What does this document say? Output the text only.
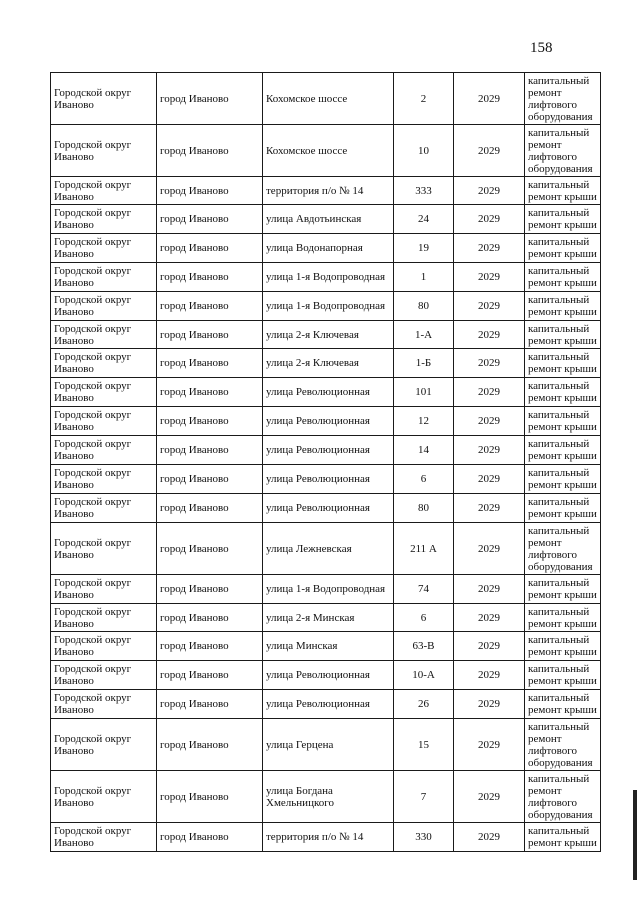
158
Городской округ Иваново	город Иваново	Кохомское шоссе	2	2029	капитальный ремонт лифтового оборудования
Городской округ Иваново	город Иваново	Кохомское шоссе	10	2029	капитальный ремонт лифтового оборудования
Городской округ Иваново	город Иваново	территория п/о № 14	333	2029	капитальный ремонт крыши
Городской округ Иваново	город Иваново	улица Авдотьинская	24	2029	капитальный ремонт крыши
Городской округ Иваново	город Иваново	улица Водонапорная	19	2029	капитальный ремонт крыши
Городской округ Иваново	город Иваново	улица 1-я Водопроводная	1	2029	капитальный ремонт крыши
Городской округ Иваново	город Иваново	улица 1-я Водопроводная	80	2029	капитальный ремонт крыши
Городской округ Иваново	город Иваново	улица 2-я Ключевая	1-А	2029	капитальный ремонт крыши
Городской округ Иваново	город Иваново	улица 2-я Ключевая	1-Б	2029	капитальный ремонт крыши
Городской округ Иваново	город Иваново	улица Революционная	101	2029	капитальный ремонт крыши
Городской округ Иваново	город Иваново	улица Революционная	12	2029	капитальный ремонт крыши
Городской округ Иваново	город Иваново	улица Революционная	14	2029	капитальный ремонт крыши
Городской округ Иваново	город Иваново	улица Революционная	6	2029	капитальный ремонт крыши
Городской округ Иваново	город Иваново	улица Революционная	80	2029	капитальный ремонт крыши
Городской округ Иваново	город Иваново	улица Лежневская	211 А	2029	капитальный ремонт лифтового оборудования
Городской округ Иваново	город Иваново	улица 1-я Водопроводная	74	2029	капитальный ремонт крыши
Городской округ Иваново	город Иваново	улица 2-я Минская	6	2029	капитальный ремонт крыши
Городской округ Иваново	город Иваново	улица Минская	63-В	2029	капитальный ремонт крыши
Городской округ Иваново	город Иваново	улица Революционная	10-А	2029	капитальный ремонт крыши
Городской округ Иваново	город Иваново	улица Революционная	26	2029	капитальный ремонт крыши
Городской округ Иваново	город Иваново	улица Герцена	15	2029	капитальный ремонт лифтового оборудования
Городской округ Иваново	город Иваново	улица Богдана Хмельницкого	7	2029	капитальный ремонт лифтового оборудования
Городской округ Иваново	город Иваново	территория п/о № 14	330	2029	капитальный ремонт крыши
